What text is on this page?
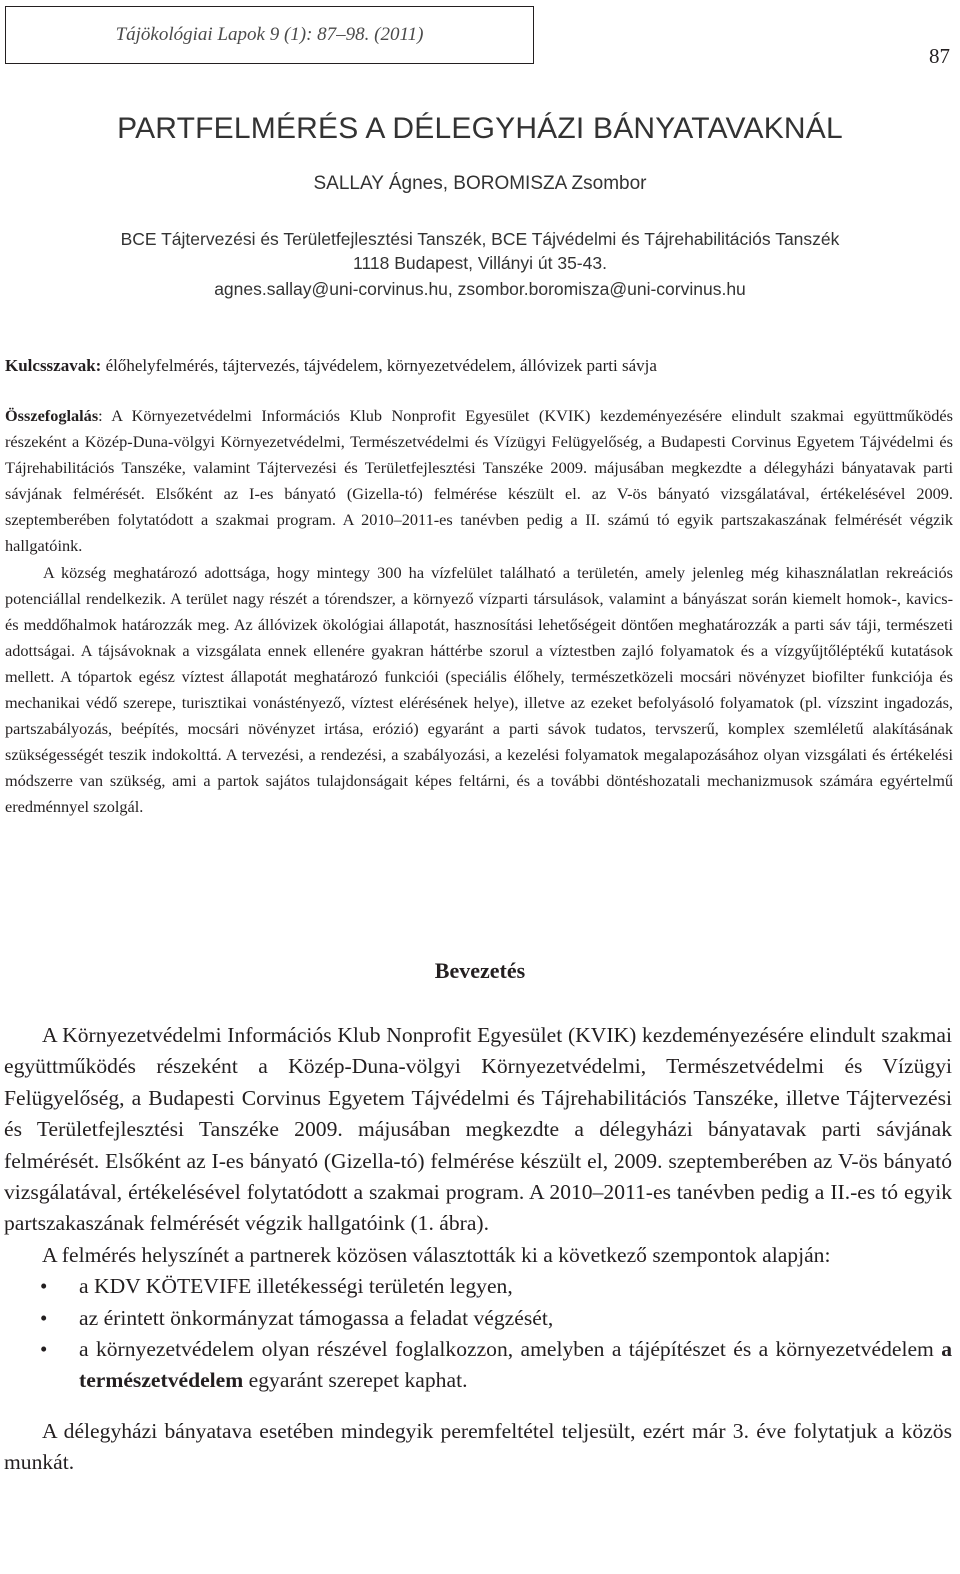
Tájökológiai Lapok 9 (1): 87–98. (2011)
87
PARTFELMÉRÉS A DÉLEGYHÁZI BÁNYATAVAKNÁL
SALLAY Ágnes, BOROMISZA Zsombor
BCE Tájtervezési és Területfejlesztési Tanszék, BCE Tájvédelmi és Tájrehabilitációs Tanszék
1118 Budapest, Villányi út 35-43.
agnes.sallay@uni-corvinus.hu, zsombor.boromisza@uni-corvinus.hu
Kulcsszavak: élőhelyfelmérés, tájtervezés, tájvédelem, környezetvédelem, állóvizek parti sávja

Összefoglalás: A Környezetvédelmi Információs Klub Nonprofit Egyesület (KVIK) kezdeményezésére elindult szakmai együttműködés részeként a Közép-Duna-völgyi Környezetvédelmi, Természetvédelmi és Vízügyi Felügyelőség, a Budapesti Corvinus Egyetem Tájvédelmi és Tájrehabilitációs Tanszéke, valamint Tájtervezési és Területfejlesztési Tanszéke 2009. májusában megkezdte a délegyházi bányatavak parti sávjának felmérését. Elsőként az I-es bányató (Gizella-tó) felmérése készült el. az V-ös bányató vizsgálatával, értékelésével 2009. szeptemberében folytatódott a szakmai program. A 2010–2011-es tanévben pedig a II. számú tó egyik partszakaszának felmérését végzik hallgatóink.

A község meghatározó adottsága, hogy mintegy 300 ha vízfelület található a területén, amely jelenleg még kihasználatlan rekreációs potenciállal rendelkezik. A terület nagy részét a tórendszer, a környező vízparti társulások, valamint a bányászat során kiemelt homok-, kavics- és meddőhalmok határozzák meg. Az állóvizek ökológiai állapotát, hasznosítási lehetőségeit döntően meghatározzák a parti sáv táji, természeti adottságai. A tájsávoknak a vizsgálata ennek ellenére gyakran háttérbe szorul a víztestben zajló folyamatok és a vízgyűjtőléptékű kutatások mellett. A tópartok egész víztest állapotát meghatározó funkciói (speciális élőhely, természetközeli mocsári növényzet biofilter funkciója és mechanikai védő szerepe, turisztikai vonástényező, víztest elérésének helye), illetve az ezeket befolyásoló folyamatok (pl. vízszint ingadozás, partszabályozás, beépítés, mocsári növényzet irtása, erózió) egyaránt a parti sávok tudatos, tervszerű, komplex szemléletű alakításának szükségességét teszik indokolttá. A tervezési, a rendezési, a szabályozási, a kezelési folyamatok megalapozásához olyan vizsgálati és értékelési módszerre van szükség, ami a partok sajátos tulajdonságait képes feltárni, és a további döntéshozatali mechanizmusok számára egyértelmű eredménnyel szolgál.

Bevezetés

A Környezetvédelmi Információs Klub Nonprofit Egyesület (KVIK) kezdeményezésére elindult szakmai együttműködés részeként a Közép-Duna-völgyi Környezetvédelmi, Természetvédelmi és Vízügyi Felügyelőség, a Budapesti Corvinus Egyetem Tájvédelmi és Tájrehabilitációs Tanszéke, illetve Tájtervezési és Területfejlesztési Tanszéke 2009. májusában megkezdte a délegyházi bányatavak parti sávjának felmérését. Elsőként az I-es bányató (Gizella-tó) felmérése készült el, 2009. szeptemberében az V-ös bányató vizsgálatával, értékelésével folytatódott a szakmai program. A 2010–2011-es tanévben pedig a II.-es tó egyik partszakaszának felmérését végzik hallgatóink (1. ábra).

A felmérés helyszínét a partnerek közösen választották ki a következő szempontok alapján:

• a KDV KÖTEVIFE illetékességi területén legyen,
• az érintett önkormányzat támogassa a feladat végzését,
• a környezetvédelem olyan részével foglalkozzon, amelyben a tájépítészet és a környezetvédelem a természetvédelem egyaránt szerepet kaphat.

A délegyházi bányatava esetében mindegyik peremfeltétel teljesült, ezért már 3. éve folytatjuk a közös munkát.
